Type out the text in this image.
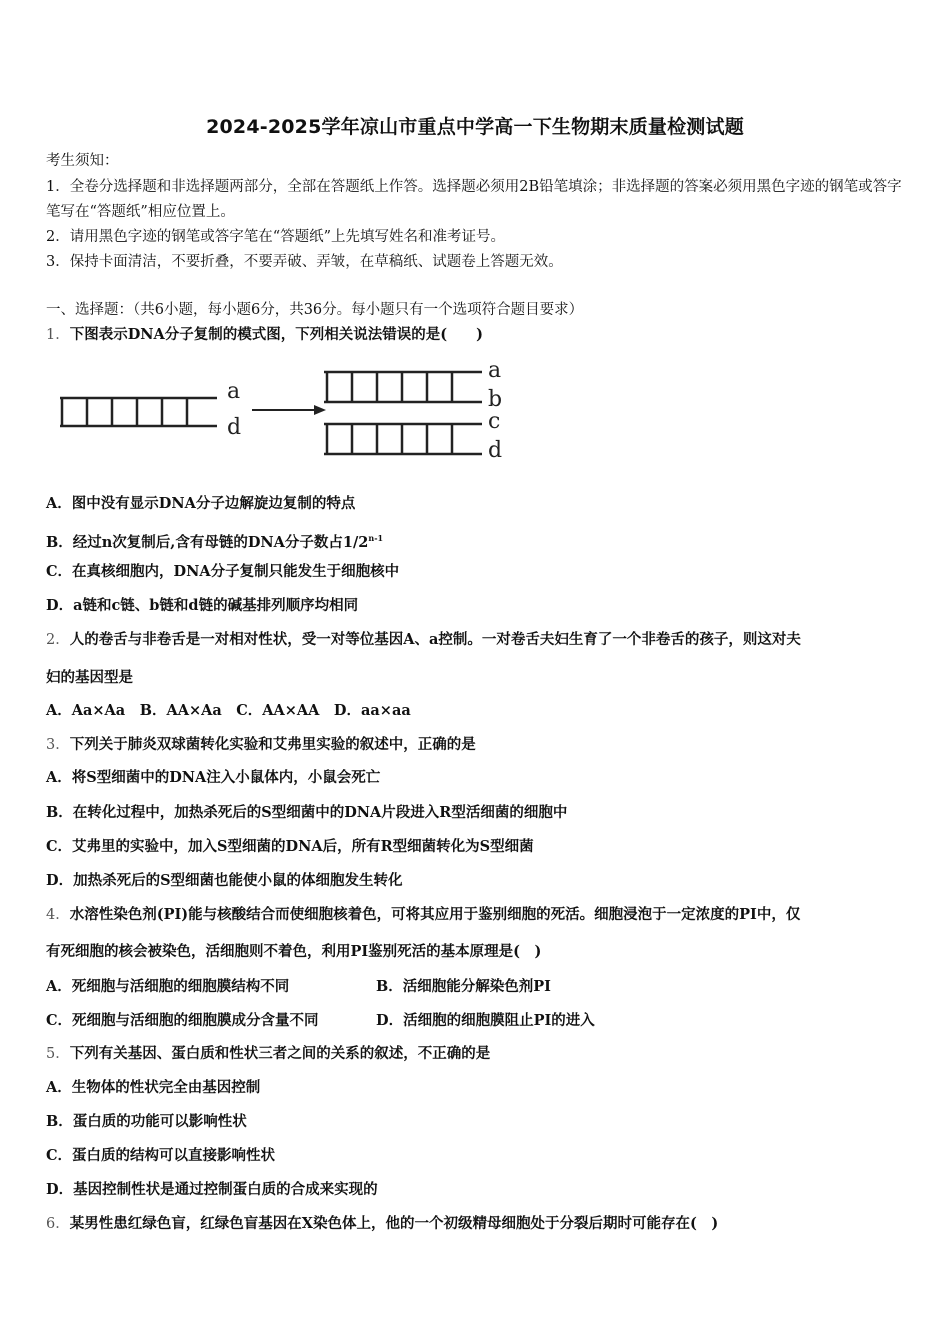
2024-2025学年凉山市重点中学高一下生物期末质量检测试题
考生须知：
1．全卷分选择题和非选择题两部分，全部在答题纸上作答。选择题必须用2B铅笔填涂；非选择题的答案必须用黑色字迹的钢笔或答字笔写在“答题纸”相应位置上。
2．请用黑色字迹的钢笔或答字笔在“答题纸”上先填写姓名和准考证号。
3．保持卡面清洁，不要折叠，不要弄破、弄皱，在草稿纸、试题卷上答题无效。
一、选择题：（共6小题，每小题6分，共36分。每小题只有一个选项符合题目要求）
1．下图表示DNA分子复制的模式图，下列相关说法错误的是(　　)
a
d
a
b
c
d
A．图中没有显示DNA分子边解旋边复制的特点
B．经过n次复制后,含有母链的DNA分子数占1/2$^{n-1}$
C．在真核细胞内，DNA分子复制只能发生于细胞核中
D．a链和c链、b链和d链的碱基排列顺序均相同
2．人的卷舌与非卷舌是一对相对性状，受一对等位基因A、a控制。一对卷舌夫妇生育了一个非卷舌的孩子，则这对夫
妇的基因型是
A．Aa×Aa　B．AA×Aa　C．AA×AA　D．aa×aa
3．下列关于肺炎双球菌转化实验和艾弗里实验的叙述中，正确的是
A．将S型细菌中的DNA注入小鼠体内，小鼠会死亡
B．在转化过程中，加热杀死后的S型细菌中的DNA片段进入R型活细菌的细胞中
C．艾弗里的实验中，加入S型细菌的DNA后，所有R型细菌转化为S型细菌
D．加热杀死后的S型细菌也能使小鼠的体细胞发生转化
4．水溶性染色剂(PI)能与核酸结合而使细胞核着色，可将其应用于鉴别细胞的死活。细胞浸泡于一定浓度的PI中，仅
有死细胞的核会被染色，活细胞则不着色，利用PI鉴别死活的基本原理是(　)
A．死细胞与活细胞的细胞膜结构不同	B．活细胞能分解染色剂PI
C．死细胞与活细胞的细胞膜成分含量不同	D．活细胞的细胞膜阻止PI的进入
5．下列有关基因、蛋白质和性状三者之间的关系的叙述，不正确的是
A．生物体的性状完全由基因控制
B．蛋白质的功能可以影响性状
C．蛋白质的结构可以直接影响性状
D．基因控制性状是通过控制蛋白质的合成来实现的
6．某男性患红绿色盲，红绿色盲基因在X染色体上，他的一个初级精母细胞处于分裂后期时可能存在(　)
